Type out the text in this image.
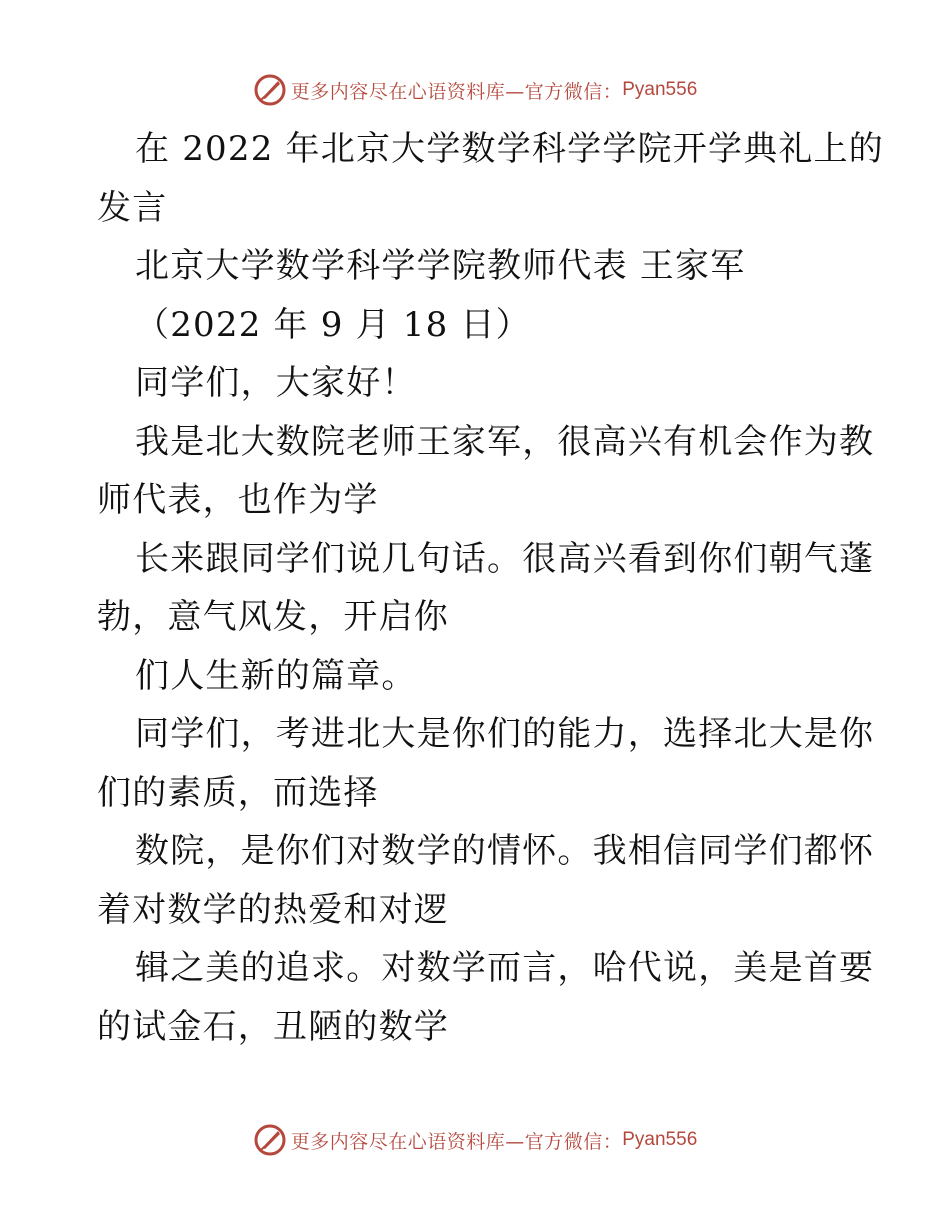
更多内容尽在心语资料库—官方微信： Pyan556
在 2022 年北京大学数学科学学院开学典礼上的
发言
北京大学数学科学学院教师代表 王家军
（2022 年 9 月 18 日）
同学们，大家好！
我是北大数院老师王家军，很高兴有机会作为教
师代表，也作为学
长来跟同学们说几句话。很高兴看到你们朝气蓬
勃，意气风发，开启你
们人生新的篇章。
同学们，考进北大是你们的能力，选择北大是你
们的素质，而选择
数院，是你们对数学的情怀。我相信同学们都怀
着对数学的热爱和对逻
辑之美的追求。对数学而言，哈代说，美是首要
的试金石，丑陋的数学
更多内容尽在心语资料库—官方微信： Pyan556
